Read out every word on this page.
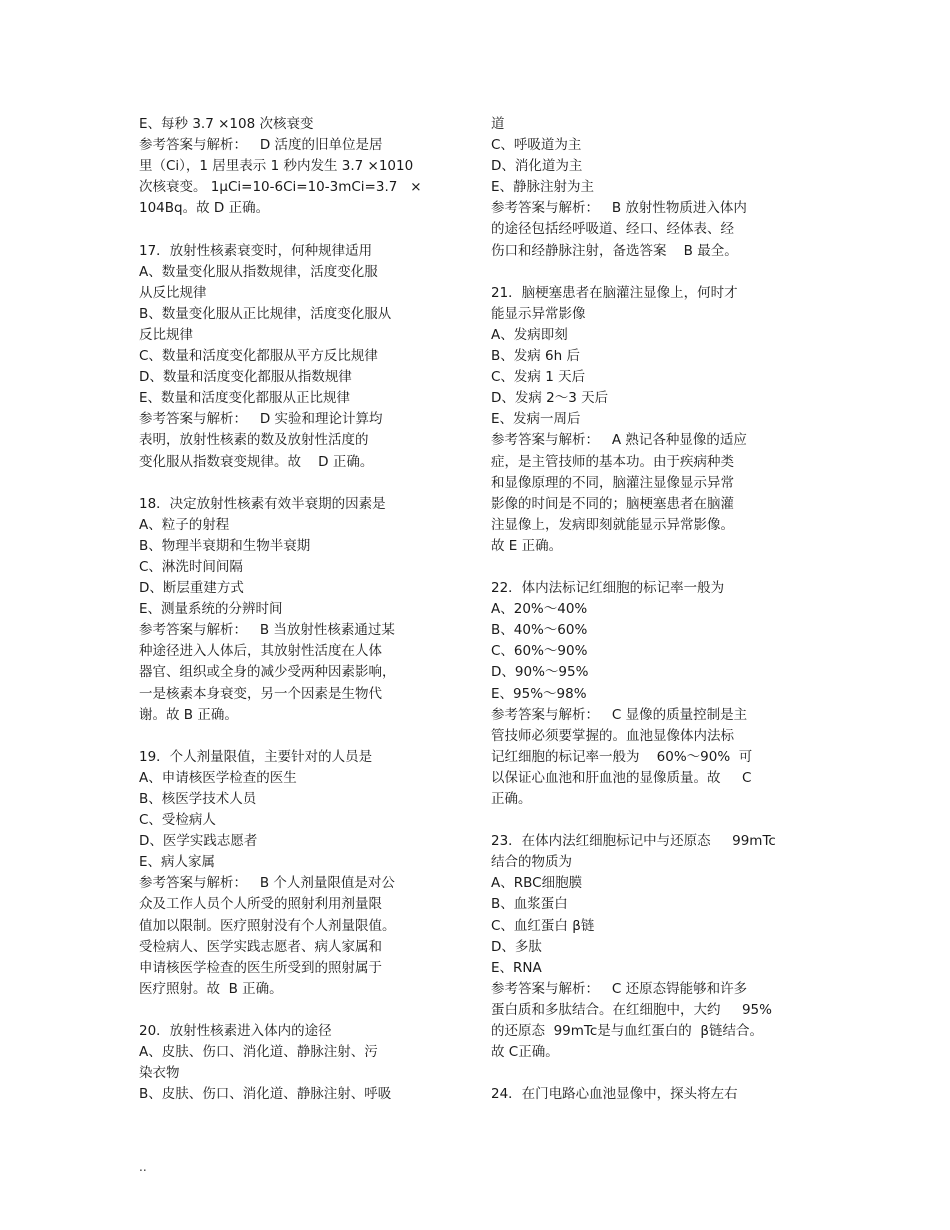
E、每秒 3.7 ×108 次核衰变
参考答案与解析：   D 活度的旧单位是居
里（Ci），1 居里表示 1 秒内发生 3.7 ×1010
次核衰变。 1μCi=10-6Ci=10-3mCi=3.7   ×
104Bq。故 D 正确。
17．放射性核素衰变时，何种规律适用
A、数量变化服从指数规律，活度变化服
从反比规律
B、数量变化服从正比规律，活度变化服从
反比规律
C、数量和活度变化都服从平方反比规律
D、数量和活度变化都服从指数规律
E、数量和活度变化都服从正比规律
参考答案与解析：   D 实验和理论计算均
表明，放射性核素的数及放射性活度的
变化服从指数衰变规律。故    D 正确。
18．决定放射性核素有效半衰期的因素是
A、粒子的射程
B、物理半衰期和生物半衰期
C、淋洗时间间隔
D、断层重建方式
E、测量系统的分辨时间
参考答案与解析：   B 当放射性核素通过某
种途径进入人体后，其放射性活度在人体
器官、组织或全身的减少受两种因素影响，
一是核素本身衰变，另一个因素是生物代
谢。故 B 正确。
19．个人剂量限值，主要针对的人员是
A、申请核医学检查的医生
B、核医学技术人员
C、受检病人
D、医学实践志愿者
E、病人家属
参考答案与解析：   B 个人剂量限值是对公
众及工作人员个人所受的照射利用剂量限
值加以限制。医疗照射没有个人剂量限值。
受检病人、医学实践志愿者、病人家属和
申请核医学检查的医生所受到的照射属于
医疗照射。故  B 正确。
20．放射性核素进入体内的途径
A、皮肤、伤口、消化道、静脉注射、污
染衣物
B、皮肤、伤口、消化道、静脉注射、呼吸
道
C、呼吸道为主
D、消化道为主
E、静脉注射为主
参考答案与解析：   B 放射性物质进入体内
的途径包括经呼吸道、经口、经体表、经
伤口和经静脉注射，备选答案    B 最全。
21．脑梗塞患者在脑灌注显像上，何时才
能显示异常影像
A、发病即刻
B、发病 6h 后
C、发病 1 天后
D、发病 2～3 天后
E、发病一周后
参考答案与解析：   A 熟记各种显像的适应
症，是主管技师的基本功。由于疾病种类
和显像原理的不同，脑灌注显像显示异常
影像的时间是不同的；脑梗塞患者在脑灌
注显像上，发病即刻就能显示异常影像。
故 E 正确。
22．体内法标记红细胞的标记率一般为
A、20%～40%
B、40%～60%
C、60%～90%
D、90%～95%
E、95%～98%
参考答案与解析：   C 显像的质量控制是主
管技师必须要掌握的。血池显像体内法标
记红细胞的标记率一般为    60%～90%  可
以保证心血池和肝血池的显像质量。故     C
正确。
23．在体内法红细胞标记中与还原态     99mTc
结合的物质为
A、RBC细胞膜
B、血浆蛋白
C、血红蛋白 β链
D、多肽
E、RNA
参考答案与解析：   C 还原态锝能够和许多
蛋白质和多肽结合。在红细胞中，大约     95%
的还原态  99mTc是与血红蛋白的  β链结合。
故 C正确。
24．在门电路心血池显像中，探头将左右
..
